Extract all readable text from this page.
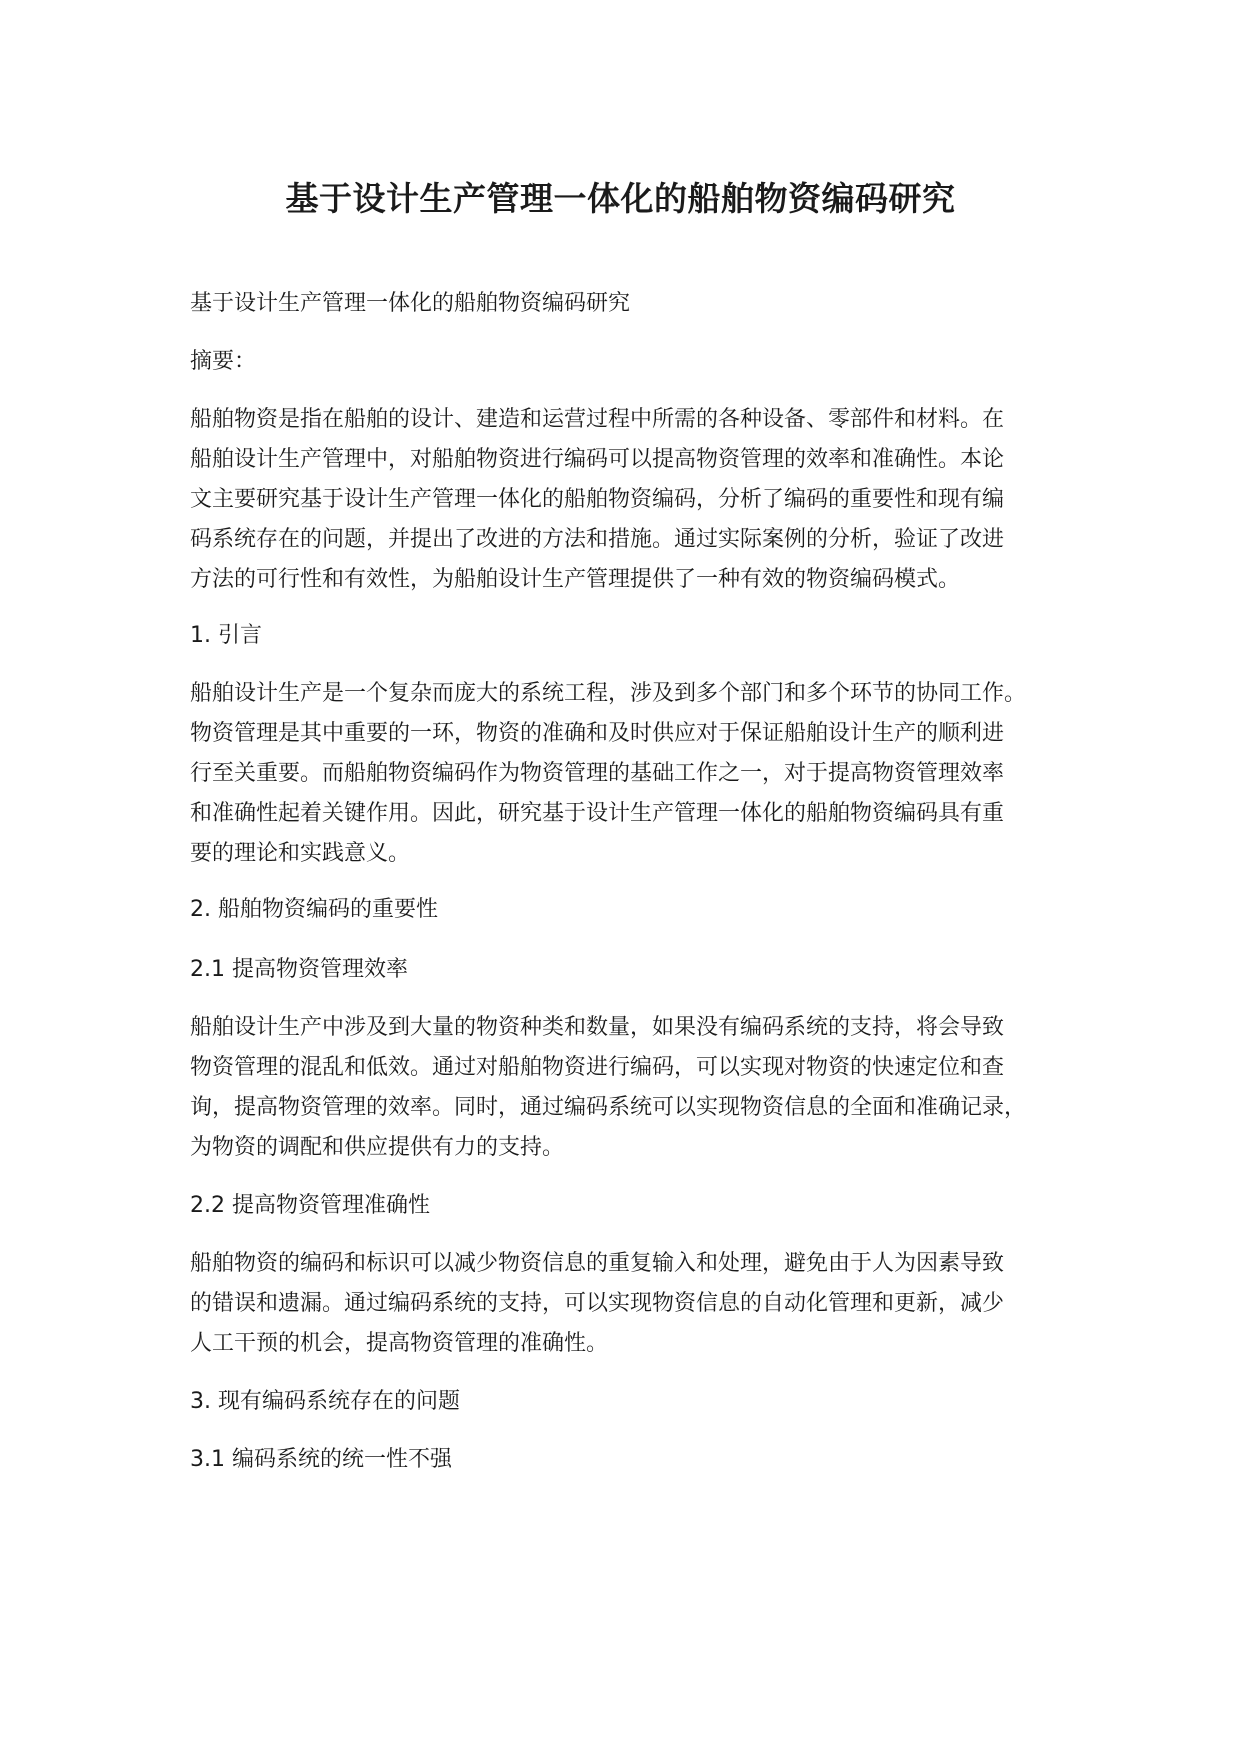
基于设计生产管理一体化的船舶物资编码研究
基于设计生产管理一体化的船舶物资编码研究
摘要：
船舶物资是指在船舶的设计、建造和运营过程中所需的各种设备、零部件和材料。在
船舶设计生产管理中，对船舶物资进行编码可以提高物资管理的效率和准确性。本论
文主要研究基于设计生产管理一体化的船舶物资编码，分析了编码的重要性和现有编
码系统存在的问题，并提出了改进的方法和措施。通过实际案例的分析，验证了改进
方法的可行性和有效性，为船舶设计生产管理提供了一种有效的物资编码模式。
1. 引言
船舶设计生产是一个复杂而庞大的系统工程，涉及到多个部门和多个环节的协同工作。
物资管理是其中重要的一环，物资的准确和及时供应对于保证船舶设计生产的顺利进
行至关重要。而船舶物资编码作为物资管理的基础工作之一，对于提高物资管理效率
和准确性起着关键作用。因此，研究基于设计生产管理一体化的船舶物资编码具有重
要的理论和实践意义。
2. 船舶物资编码的重要性
2.1 提高物资管理效率
船舶设计生产中涉及到大量的物资种类和数量，如果没有编码系统的支持，将会导致
物资管理的混乱和低效。通过对船舶物资进行编码，可以实现对物资的快速定位和查
询，提高物资管理的效率。同时，通过编码系统可以实现物资信息的全面和准确记录，
为物资的调配和供应提供有力的支持。
2.2 提高物资管理准确性
船舶物资的编码和标识可以减少物资信息的重复输入和处理，避免由于人为因素导致
的错误和遗漏。通过编码系统的支持，可以实现物资信息的自动化管理和更新，减少
人工干预的机会，提高物资管理的准确性。
3. 现有编码系统存在的问题
3.1 编码系统的统一性不强
